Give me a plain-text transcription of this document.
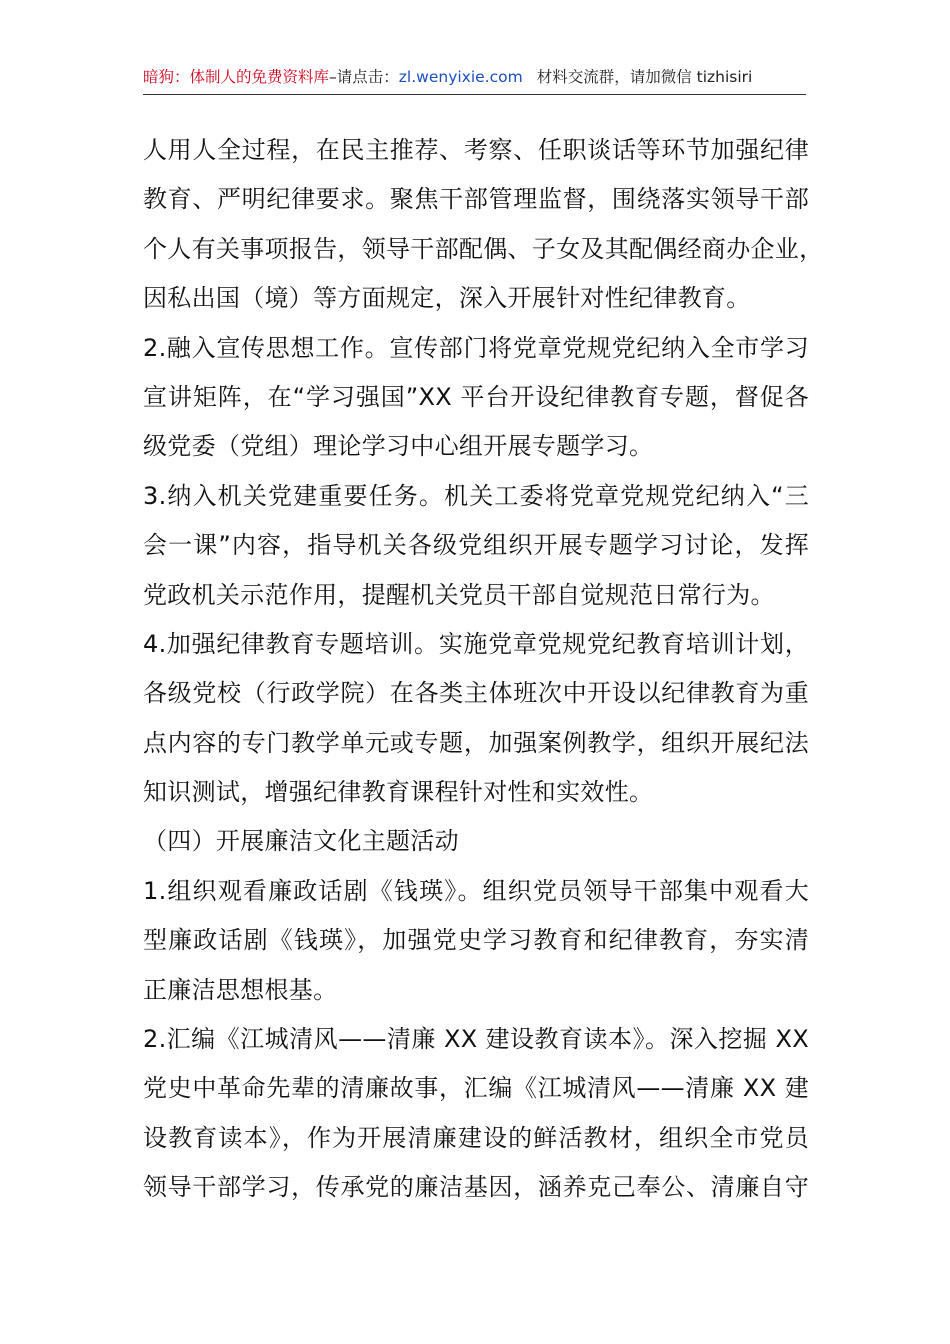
暗狗：体制人的免费资料库–请点击：zl.wenyixie.com 材料交流群，请加微信 tizhisiri
人用人全过程，在民主推荐、考察、任职谈话等环节加强纪律
教育、严明纪律要求。聚焦干部管理监督，围绕落实领导干部
个人有关事项报告，领导干部配偶、子女及其配偶经商办企业，
因私出国（境）等方面规定，深入开展针对性纪律教育。
2.融入宣传思想工作。宣传部门将党章党规党纪纳入全市学习
宣讲矩阵，在“学习强国”XX 平台开设纪律教育专题，督促各
级党委（党组）理论学习中心组开展专题学习。
3.纳入机关党建重要任务。机关工委将党章党规党纪纳入“三
会一课”内容，指导机关各级党组织开展专题学习讨论，发挥
党政机关示范作用，提醒机关党员干部自觉规范日常行为。
4.加强纪律教育专题培训。实施党章党规党纪教育培训计划，
各级党校（行政学院）在各类主体班次中开设以纪律教育为重
点内容的专门教学单元或专题，加强案例教学，组织开展纪法
知识测试，增强纪律教育课程针对性和实效性。
（四）开展廉洁文化主题活动
1.组织观看廉政话剧《钱瑛》。组织党员领导干部集中观看大
型廉政话剧《钱瑛》，加强党史学习教育和纪律教育，夯实清
正廉洁思想根基。
2.汇编《江城清风——清廉 XX 建设教育读本》。深入挖掘 XX
党史中革命先辈的清廉故事，汇编《江城清风——清廉 XX 建
设教育读本》，作为开展清廉建设的鲜活教材，组织全市党员
领导干部学习，传承党的廉洁基因，涵养克己奉公、清廉自守
